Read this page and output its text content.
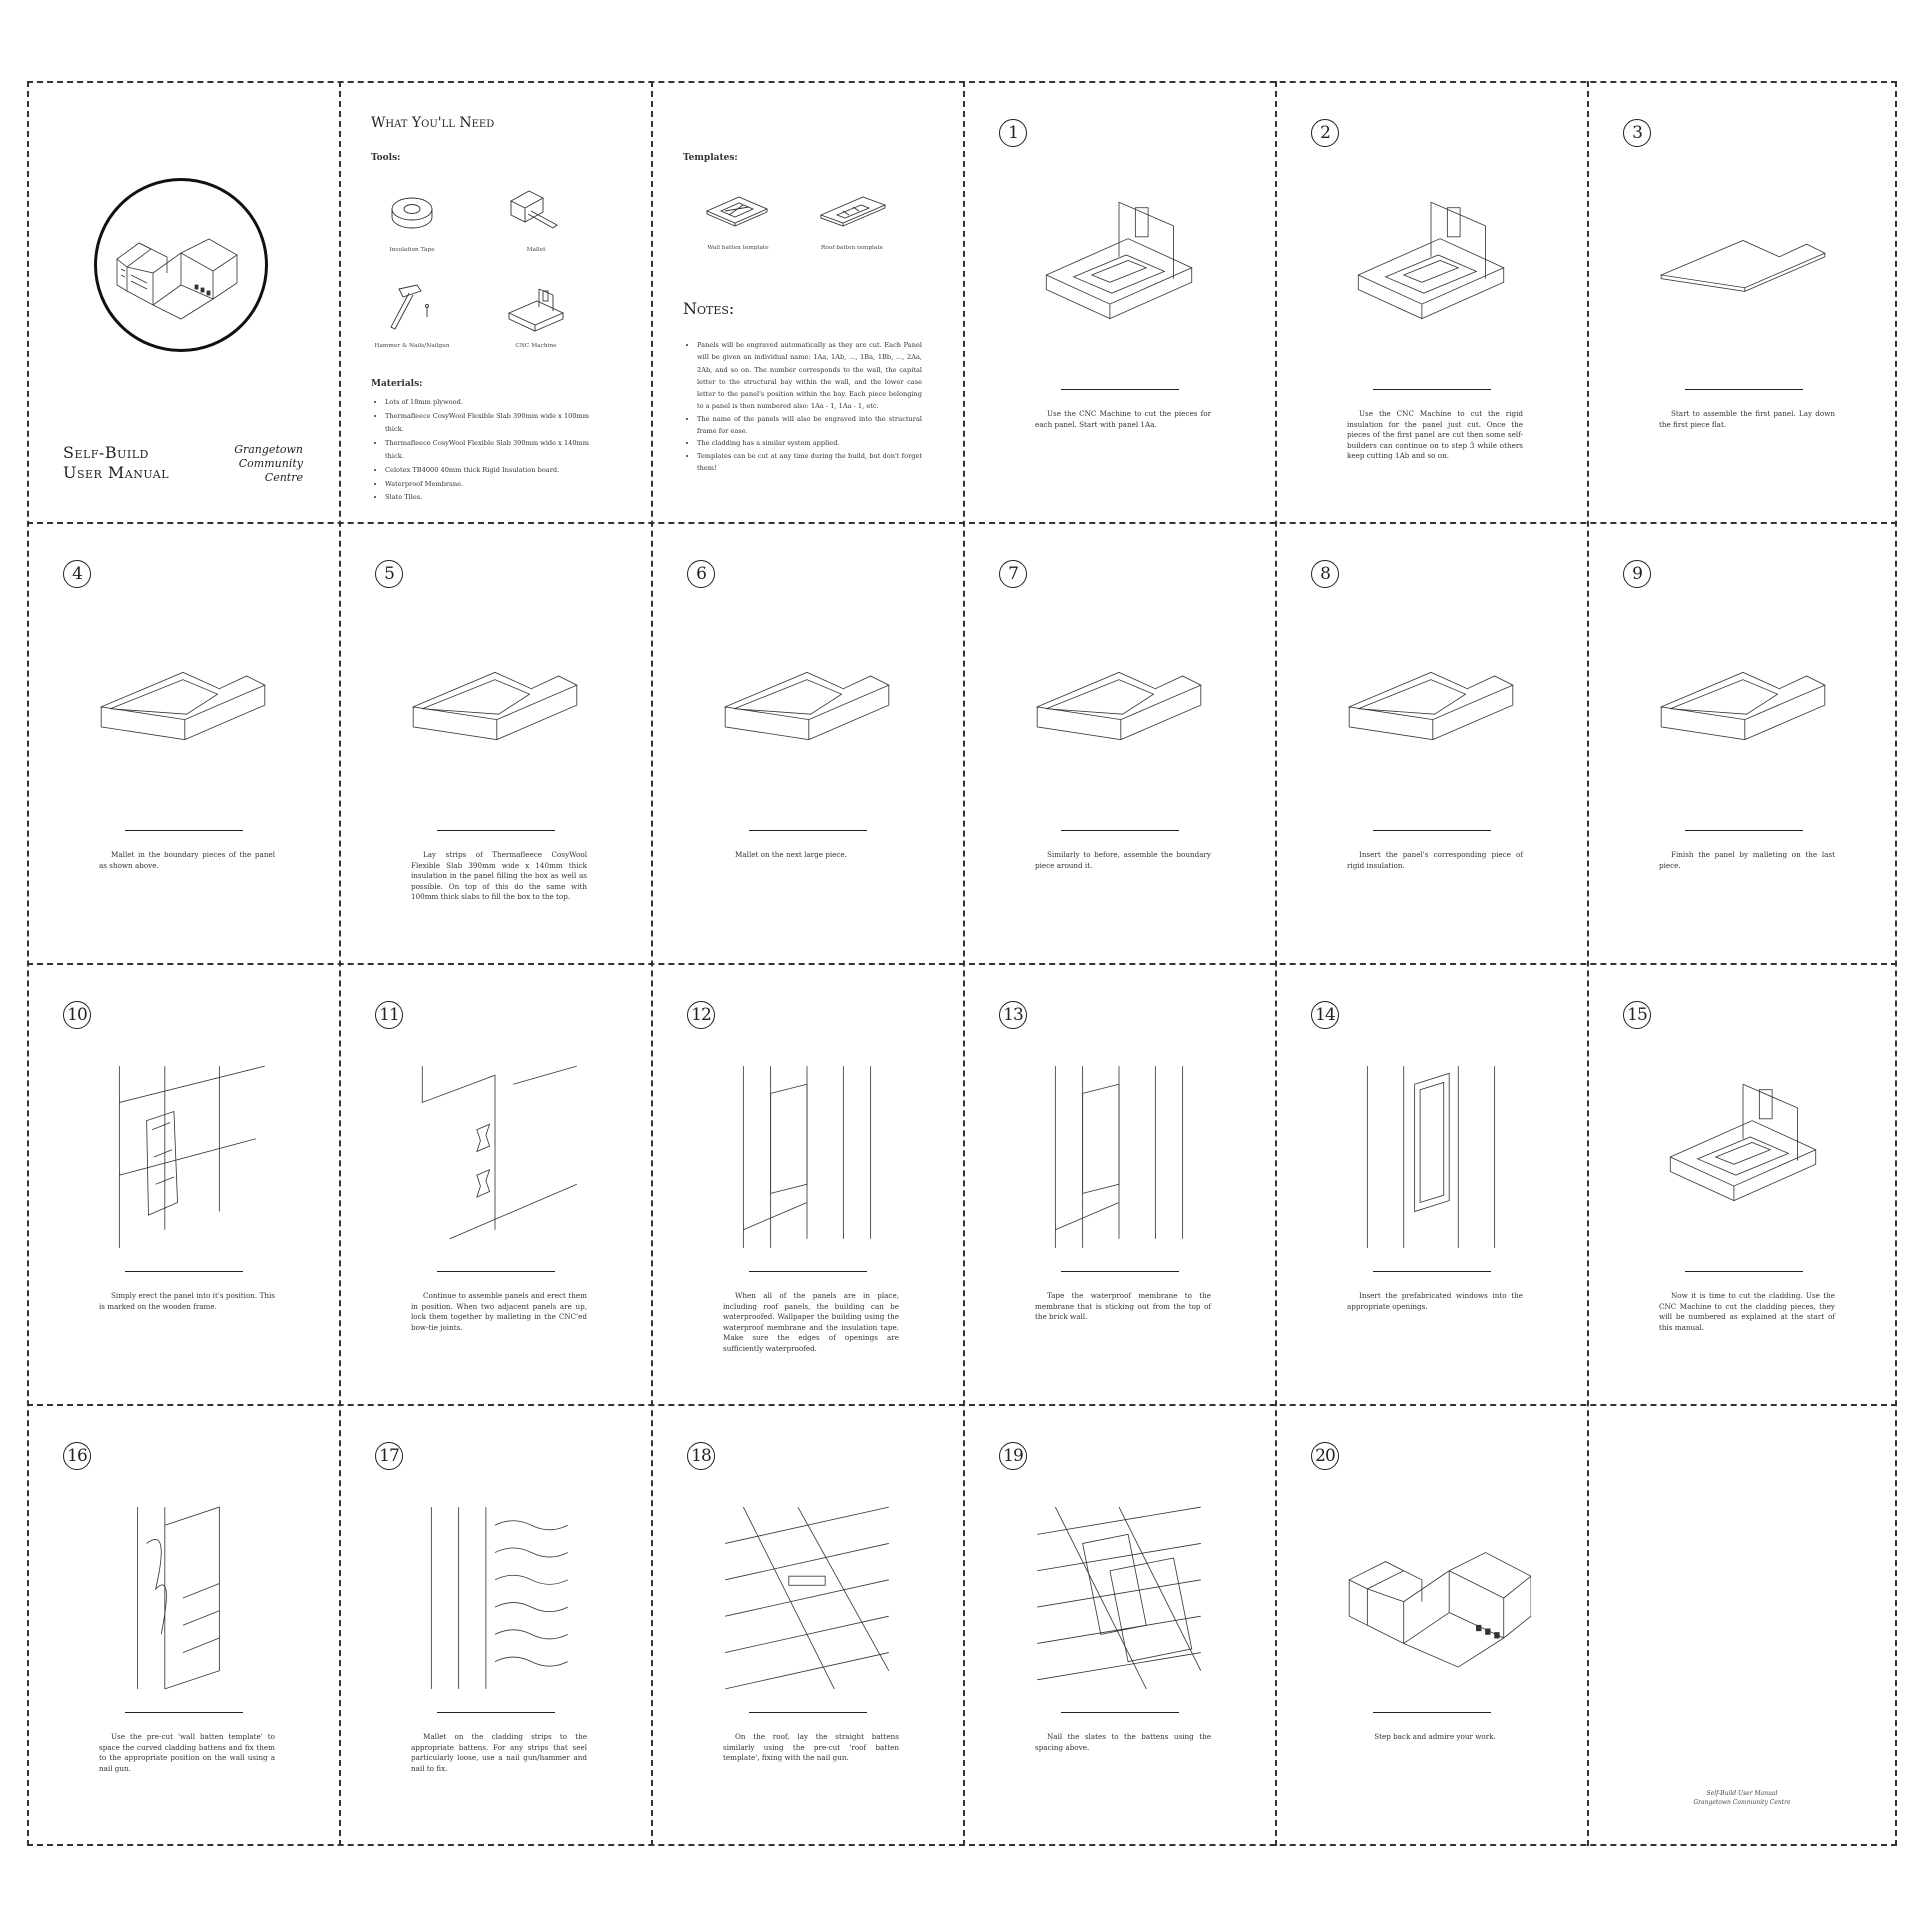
Self-Build
User Manual
Grangetown
Community
Centre
What You'll Need
Tools:
Insulation Tape	Mallet
Hammer & Nails/Nailgun	CNC Machine
Materials:
• Lots of 18mm plywood.
• Thermafleece CosyWool Flexible Slab 390mm wide x 100mm thick.
• Thermafleece CosyWool Flexible Slab 390mm wide x 140mm thick.
• Celotex TB4000 40mm thick Rigid Insulation board.
• Waterproof Membrane.
• Slate Tiles.
Templates:
Wall batten template	Roof batten template
Notes:
• Panels will be engraved automatically as they are cut. Each Panel will be given an individual name: 1Aa, 1Ab, ..., 1Ba, 1Bb, ..., 2Aa, 2Ab, and so on. The number corresponds to the wall, the capital letter to the structural bay within the wall, and the lower case letter to the panel's position within the bay. Each piece belonging to a panel is then numbered also: 1Aa - 1, 1Aa - 1, etc.
• The name of the panels will also be engraved into the structural frame for ease.
• The cladding has a similar system applied.
• Templates can be cut at any time during the build, but don't forget them!
1
Use the CNC Machine to cut the pieces for each panel. Start with panel 1Aa.
2
Use the CNC Machine to cut the rigid insulation for the panel just cut. Once the pieces of the first panel are cut then some self-builders can continue on to step 3 while others keep cutting 1Ab and so on.
3
Start to assemble the first panel. Lay down the first piece flat.
4
Mallet in the boundary pieces of the panel as shown above.
5
Lay strips of Thermafleece CosyWool Flexible Slab 390mm wide x 140mm thick insulation in the panel filling the box as well as possible. On top of this do the same with 100mm thick slabs to fill the box to the top.
6
Mallet on the next large piece.
7
Similarly to before, assemble the boundary piece around it.
8
Insert the panel's corresponding piece of rigid insulation.
9
Finish the panel by malleting on the last piece.
10
Simply erect the panel into it's position. This is marked on the wooden frame.
11
Continue to assemble panels and erect them in position. When two adjacent panels are up, lock them together by malleting in the CNC'ed bow-tie joints.
12
When all of the panels are in place, including roof panels, the building can be waterproofed. Wallpaper the building using the waterproof membrane and the insulation tape. Make sure the edges of openings are sufficiently waterproofed.
13
Tape the waterproof membrane to the membrane that is sticking out from the top of the brick wall.
14
Insert the prefabricated windows into the appropriate openings.
15
Now it is time to cut the cladding. Use the CNC Machine to cut the cladding pieces, they will be numbered as explained at the start of this manual.
16
Use the pre-cut 'wall batten template' to space the curved cladding battens and fix them to the appropriate position on the wall using a nail gun.
17
Mallet on the cladding strips to the appropriate battens. For any strips that seel particularly loose, use a nail gun/hammer and nail to fix.
18
On the roof, lay the straight battens similarly using the pre-cut 'roof batten template', fixing with the nail gun.
19
Nail the slates to the battens using the spacing above.
20
Step back and admire your work.
Self-Build User Manual
Grangetown Community Centre
